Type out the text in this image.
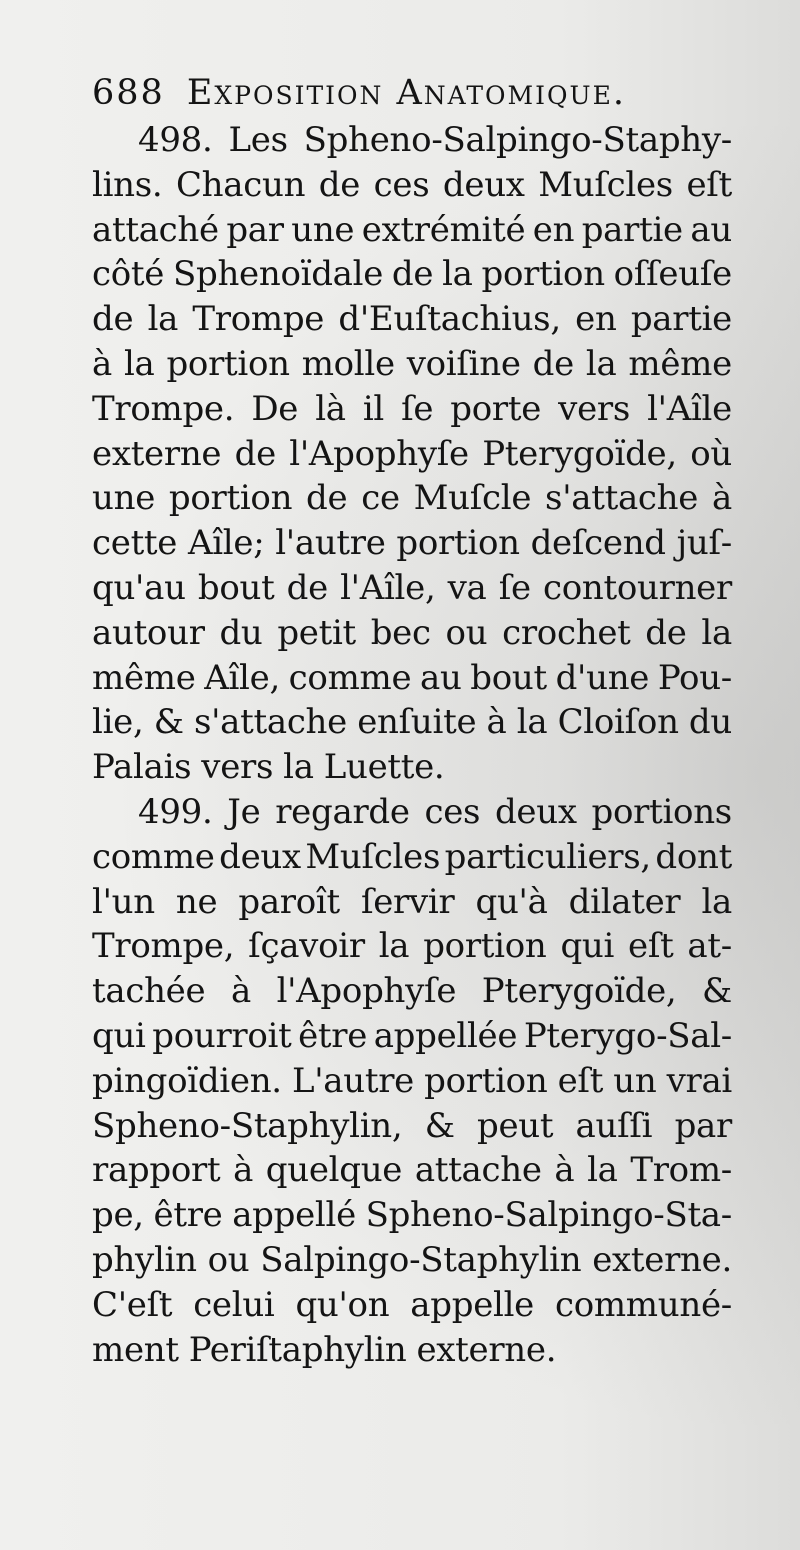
688 Exposition Anatomique.
498. Les Spheno-Salpingo-Staphy-
lins. Chacun de ces deux Muſcles eſt
attaché par une extrémité en partie au
côté Sphenoïdale de la portion oſſeuſe
de la Trompe d'Euſtachius, en partie
à la portion molle voiſine de la même
Trompe. De là il ſe porte vers l'Aîle
externe de l'Apophyſe Pterygoïde, où
une portion de ce Muſcle s'attache à
cette Aîle; l'autre portion deſcend juſ-
qu'au bout de l'Aîle, va ſe contourner
autour du petit bec ou crochet de la
même Aîle, comme au bout d'une Pou-
lie, & s'attache enſuite à la Cloiſon du
Palais vers la Luette.
499. Je regarde ces deux portions
comme deux Muſcles particuliers, dont
l'un ne paroît ſervir qu'à dilater la
Trompe, ſçavoir la portion qui eſt at-
tachée à l'Apophyſe Pterygoïde, &
qui pourroit être appellée Pterygo-Sal-
pingoïdien. L'autre portion eſt un vrai
Spheno-Staphylin, & peut auſſi par
rapport à quelque attache à la Trom-
pe, être appellé Spheno-Salpingo-Sta-
phylin ou Salpingo-Staphylin externe.
C'eſt celui qu'on appelle communé-
ment Periſtaphylin externe.
